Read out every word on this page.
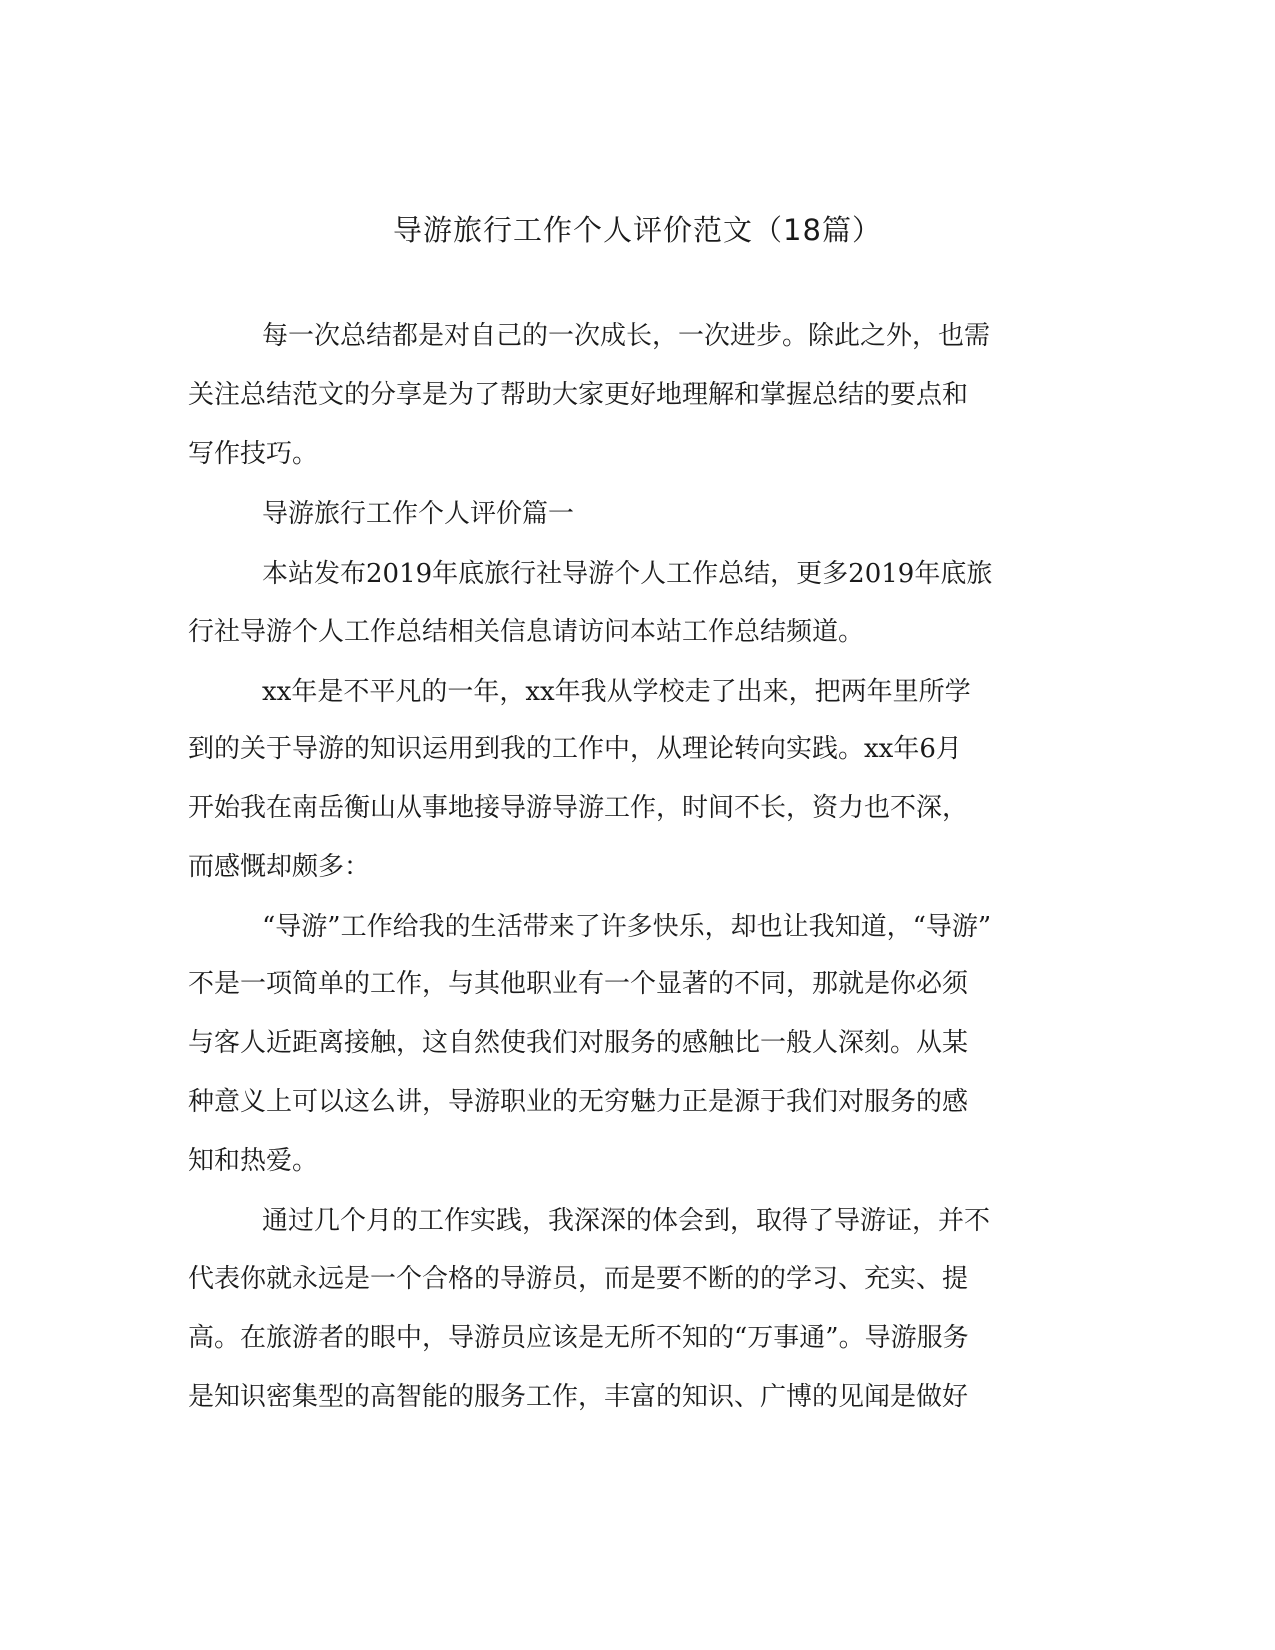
导游旅行工作个人评价范文（18篇）
每一次总结都是对自己的一次成长，一次进步。除此之外，也需
关注总结范文的分享是为了帮助大家更好地理解和掌握总结的要点和
写作技巧。
导游旅行工作个人评价篇一
本站发布2019年底旅行社导游个人工作总结，更多2019年底旅
行社导游个人工作总结相关信息请访问本站工作总结频道。
xx年是不平凡的一年，xx年我从学校走了出来，把两年里所学
到的关于导游的知识运用到我的工作中，从理论转向实践。xx年6月
开始我在南岳衡山从事地接导游导游工作，时间不长，资力也不深，
而感慨却颇多：
“导游”工作给我的生活带来了许多快乐，却也让我知道，“导游”
不是一项简单的工作，与其他职业有一个显著的不同，那就是你必须
与客人近距离接触，这自然使我们对服务的感触比一般人深刻。从某
种意义上可以这么讲，导游职业的无穷魅力正是源于我们对服务的感
知和热爱。
通过几个月的工作实践，我深深的体会到，取得了导游证，并不
代表你就永远是一个合格的导游员，而是要不断的的学习、充实、提
高。在旅游者的眼中，导游员应该是无所不知的“万事通”。导游服务
是知识密集型的高智能的服务工作，丰富的知识、广博的见闻是做好
